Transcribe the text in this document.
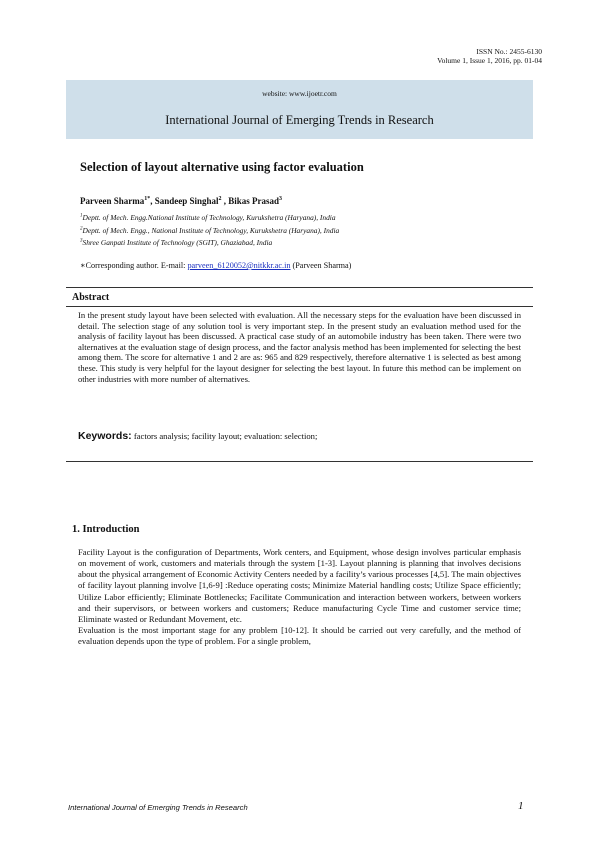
ISSN No.: 2455-6130
Volume 1, Issue 1, 2016, pp. 01-04
website: www.ijoetr.com
International Journal of Emerging Trends in Research
Selection of layout alternative using factor evaluation
Parveen Sharma$^{1*}$, Sandeep Singhal$^2$ , Bikas Prasad$^3$
$^1$Deptt. of Mech. Engg.National Institute of Technology, Kurukshetra (Haryana), India
$^2$Deptt. of Mech. Engg., National Institute of Technology, Kurukshetra (Haryana), India
$^3$Shree Ganpati Institute of Technology (SGIT), Ghaziabad, India
∗Corresponding author. E-mail: parveen_6120052@nitkkr.ac.in (Parveen Sharma)
Abstract
In the present study layout have been selected with evaluation. All the necessary steps for the evaluation have been discussed in detail. The selection stage of any solution tool is very important step. In the present study an evaluation method used for the analysis of facility layout has been discussed. A practical case study of an automobile industry has been taken. There were two alternatives at the evaluation stage of design process, and the factor analysis method has been implemented for selecting the best among them. The score for alternative 1 and 2 are as: 965 and 829 respectively, therefore alternative 1 is selected as best among these. This study is very helpful for the layout designer for selecting the best layout. In future this method can be implement on other industries with more number of alternatives.
Keywords: factors analysis; facility layout; evaluation: selection;
1. Introduction

Facility Layout is the configuration of Departments, Work centers, and Equipment, whose design involves particular emphasis on movement of work, customers and materials through the system [1-3]. Layout planning is planning that involves decisions about the physical arrangement of Economic Activity Centers needed by a facility’s various processes [4,5]. The main objectives of facility layout planning involve [1,6-9] :Reduce operating costs; Minimize Material handling costs; Utilize Space efficiently; Utilize Labor efficiently; Eliminate Bottlenecks; Facilitate Communication and interaction between workers, between workers and their supervisors, or between workers and customers; Reduce manufacturing Cycle Time and customer service time; Eliminate wasted or Redundant Movement, etc.

Evaluation is the most important stage for any problem [10-12]. It should be carried out very carefully, and the method of evaluation depends upon the type of problem. For a single problem,

International Journal of Emerging Trends in Research	1
